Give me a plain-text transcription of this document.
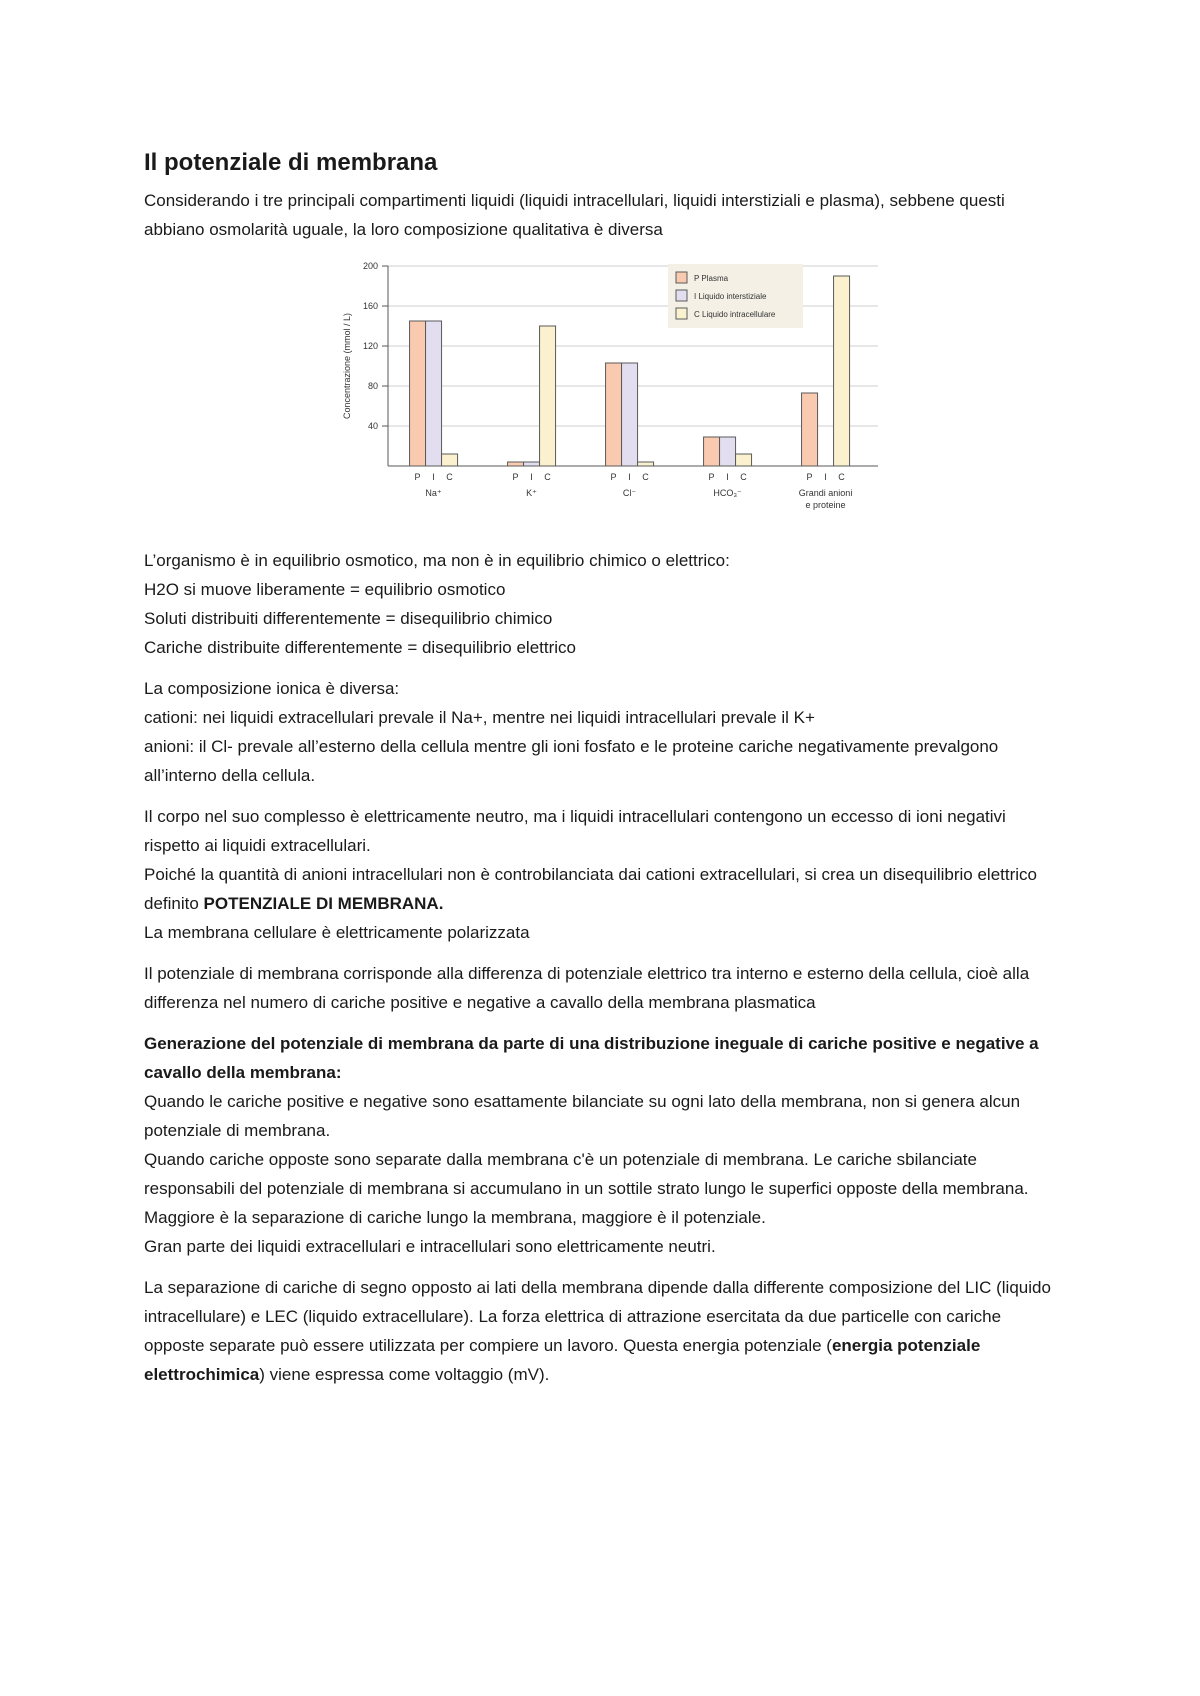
Il potenziale di membrana

Considerando i tre principali compartimenti liquidi (liquidi intracellulari, liquidi interstiziali e plasma), sebbene questi abbiano osmolarità uguale, la loro composizione qualitativa è diversa

40
80
120
160
200
Concentrazione (mmol / L)
P I C
Na⁺
P I C
K⁺
P I C
Cl⁻
P I C
HCO₃⁻
P I C
Grandi anioni
e proteine
P Plasma
I Liquido interstiziale
C Liquido intracellulare

L’organismo è in equilibrio osmotico, ma non è in equilibrio chimico o elettrico:
H2O si muove liberamente = equilibrio osmotico
Soluti distribuiti differentemente = disequilibrio chimico
Cariche distribuite differentemente = disequilibrio elettrico

La composizione ionica è diversa:
cationi: nei liquidi extracellulari prevale il Na+, mentre nei liquidi intracellulari prevale il K+
anioni: il Cl- prevale all’esterno della cellula mentre gli ioni fosfato e le proteine cariche negativamente prevalgono all’interno della cellula.

Il corpo nel suo complesso è elettricamente neutro, ma i liquidi intracellulari contengono un eccesso di ioni negativi rispetto ai liquidi extracellulari.
Poiché la quantità di anioni intracellulari non è controbilanciata dai cationi extracellulari, si crea un disequilibrio elettrico definito POTENZIALE DI MEMBRANA.
La membrana cellulare è elettricamente polarizzata

Il potenziale di membrana corrisponde alla differenza di potenziale elettrico tra interno e esterno della cellula, cioè alla differenza nel numero di cariche positive e negative a cavallo della membrana plasmatica

Generazione del potenziale di membrana da parte di una distribuzione ineguale di cariche positive e negative a cavallo della membrana:
Quando le cariche positive e negative sono esattamente bilanciate su ogni lato della membrana, non si genera alcun potenziale di membrana.
Quando cariche opposte sono separate dalla membrana c'è un potenziale di membrana. Le cariche sbilanciate responsabili del potenziale di membrana si accumulano in un sottile strato lungo le superfici opposte della membrana. Maggiore è la separazione di cariche lungo la membrana, maggiore è il potenziale.
Gran parte dei liquidi extracellulari e intracellulari sono elettricamente neutri.

La separazione di cariche di segno opposto ai lati della membrana dipende dalla differente composizione del LIC (liquido intracellulare) e LEC (liquido extracellulare). La forza elettrica di attrazione esercitata da due particelle con cariche opposte separate può essere utilizzata per compiere un lavoro. Questa energia potenziale (energia potenziale elettrochimica) viene espressa come voltaggio (mV).
